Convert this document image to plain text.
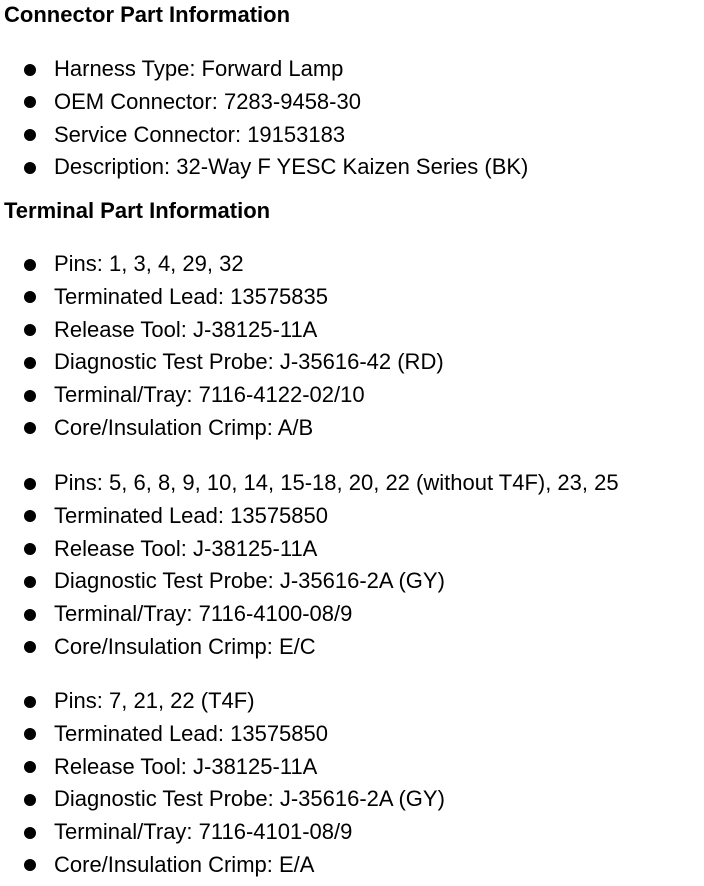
Connector Part Information
Harness Type: Forward Lamp
OEM Connector: 7283-9458-30
Service Connector: 19153183
Description: 32-Way F YESC Kaizen Series (BK)
Terminal Part Information
Pins: 1, 3, 4, 29, 32
Terminated Lead: 13575835
Release Tool: J-38125-11A
Diagnostic Test Probe: J-35616-42 (RD)
Terminal/Tray: 7116-4122-02/10
Core/Insulation Crimp: A/B
Pins: 5, 6, 8, 9, 10, 14, 15-18, 20, 22 (without T4F), 23, 25
Terminated Lead: 13575850
Release Tool: J-38125-11A
Diagnostic Test Probe: J-35616-2A (GY)
Terminal/Tray: 7116-4100-08/9
Core/Insulation Crimp: E/C
Pins: 7, 21, 22 (T4F)
Terminated Lead: 13575850
Release Tool: J-38125-11A
Diagnostic Test Probe: J-35616-2A (GY)
Terminal/Tray: 7116-4101-08/9
Core/Insulation Crimp: E/A
